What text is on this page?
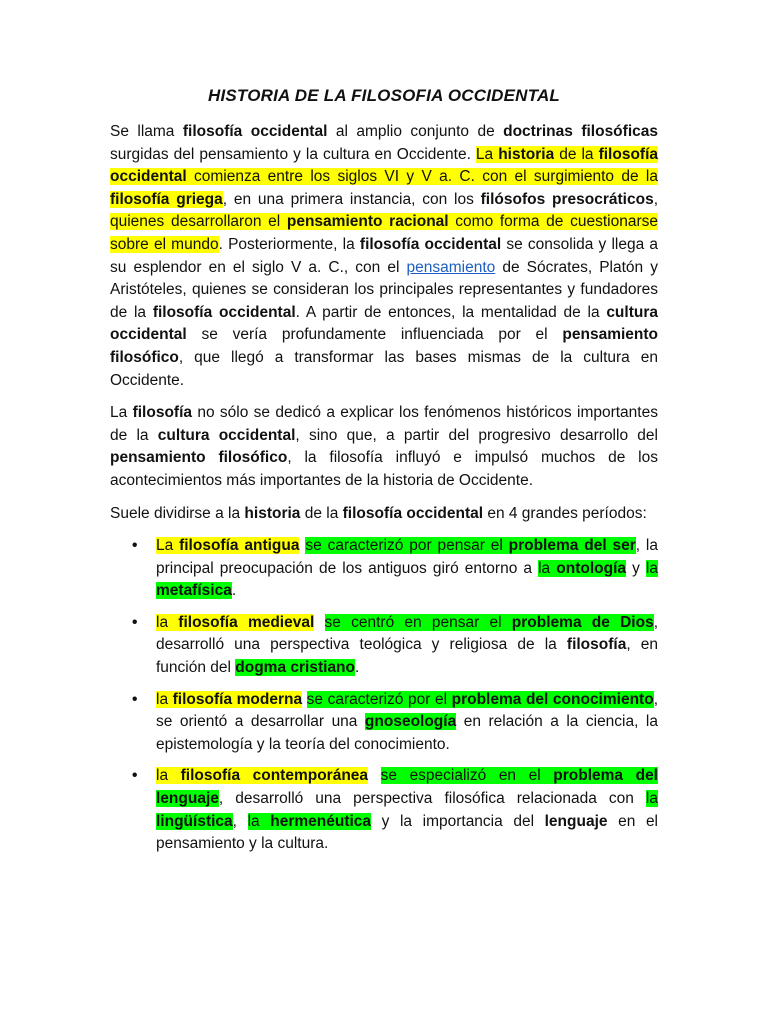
HISTORIA DE LA FILOSOFIA OCCIDENTAL

Se llama filosofía occidental al amplio conjunto de doctrinas filosóficas surgidas del pensamiento y la cultura en Occidente. La historia de la filosofía occidental comienza entre los siglos VI y V a. C. con el surgimiento de la filosofía griega, en una primera instancia, con los filósofos presocráticos, quienes desarrollaron el pensamiento racional como forma de cuestionarse sobre el mundo. Posteriormente, la filosofía occidental se consolida y llega a su esplendor en el siglo V a. C., con el pensamiento de Sócrates, Platón y Aristóteles, quienes se consideran los principales representantes y fundadores de la filosofía occidental. A partir de entonces, la mentalidad de la cultura occidental se vería profundamente influenciada por el pensamiento filosófico, que llegó a transformar las bases mismas de la cultura en Occidente.

La filosofía no sólo se dedicó a explicar los fenómenos históricos importantes de la cultura occidental, sino que, a partir del progresivo desarrollo del pensamiento filosófico, la filosofía influyó e impulsó muchos de los acontecimientos más importantes de la historia de Occidente.

Suele dividirse a la historia de la filosofía occidental en 4 grandes períodos:

• La filosofía antigua se caracterizó por pensar el problema del ser, la principal preocupación de los antiguos giró entorno a la ontología y la metafísica.
• la filosofía medieval se centró en pensar el problema de Dios, desarrolló una perspectiva teológica y religiosa de la filosofía, en función del dogma cristiano.
• la filosofía moderna se caracterizó por el problema del conocimiento, se orientó a desarrollar una gnoseología en relación a la ciencia, la epistemología y la teoría del conocimiento.
• la filosofía contemporánea se especializó en el problema del lenguaje, desarrolló una perspectiva filosófica relacionada con la lingüística, la hermenéutica y la importancia del lenguaje en el pensamiento y la cultura.
